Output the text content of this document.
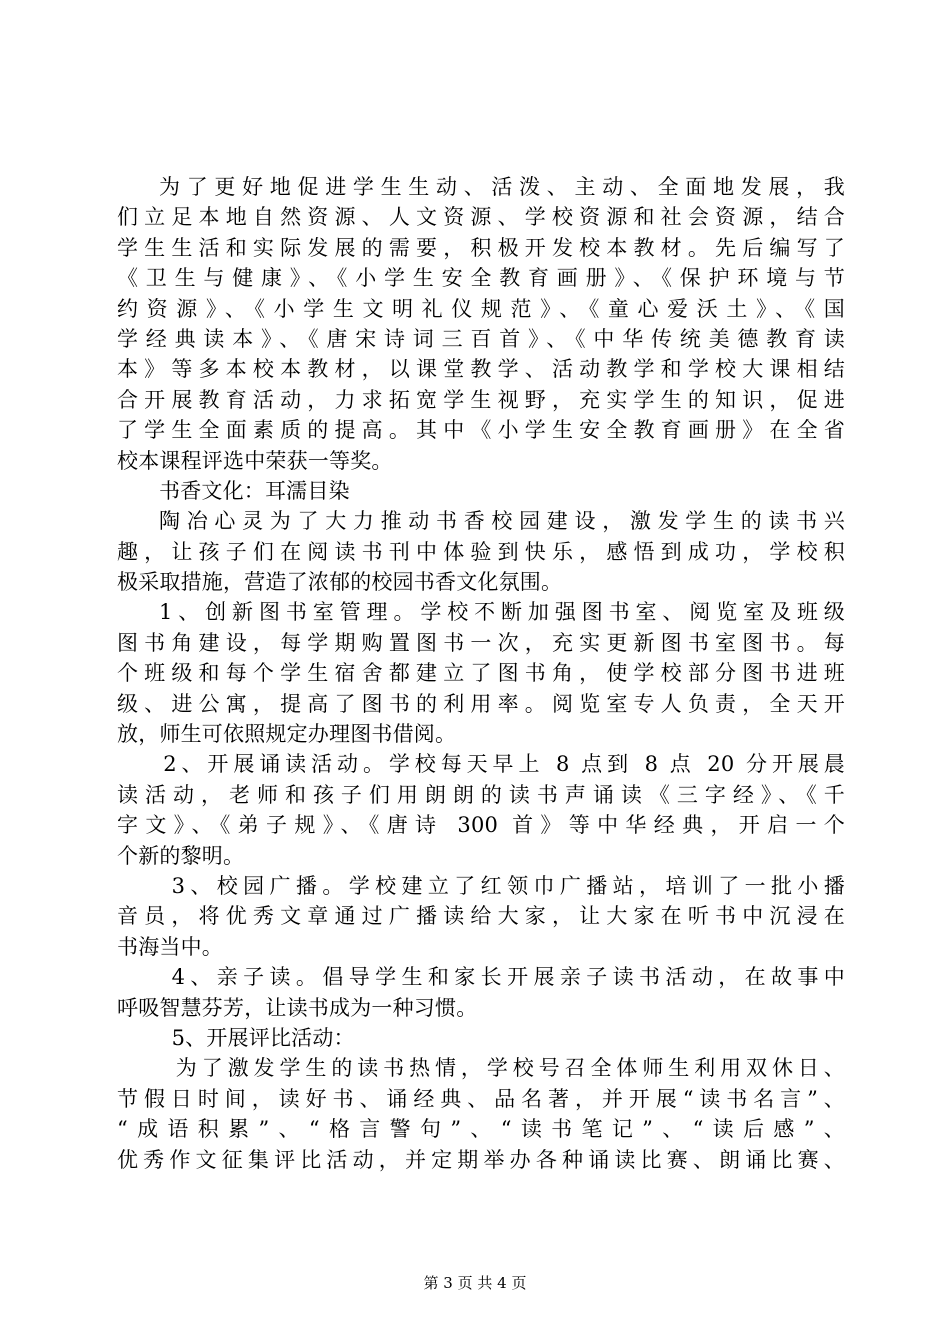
为了更好地促进学生生动、活泼、主动、全面地发展，我
们立足本地自然资源、人文资源、学校资源和社会资源，结合
学生生活和实际发展的需要，积极开发校本教材。先后编写了
《卫生与健康》、《小学生安全教育画册》、《保护环境与节
约资源》、《小学生文明礼仪规范》、《童心爱沃土》、《国
学经典读本》、《唐宋诗词三百首》、《中华传统美德教育读
本》等多本校本教材，以课堂教学、活动教学和学校大课相结
合开展教育活动，力求拓宽学生视野，充实学生的知识，促进
了学生全面素质的提高。其中《小学生安全教育画册》在全省
校本课程评选中荣获一等奖。
书香文化：耳濡目染
陶冶心灵为了大力推动书香校园建设，激发学生的读书兴
趣，让孩子们在阅读书刊中体验到快乐，感悟到成功，学校积
极采取措施，营造了浓郁的校园书香文化氛围。
1、创新图书室管理。学校不断加强图书室、阅览室及班级
图书角建设，每学期购置图书一次，充实更新图书室图书。每
个班级和每个学生宿舍都建立了图书角，使学校部分图书进班
级、进公寓，提高了图书的利用率。阅览室专人负责，全天开
放，师生可依照规定办理图书借阅。
2、开展诵读活动。学校每天早上 8 点到 8 点 20 分开展晨
读活动，老师和孩子们用朗朗的读书声诵读《三字经》、《千
字文》、《弟子规》、《唐诗 300 首》等中华经典，开启一个
个新的黎明。
3、校园广播。学校建立了红领巾广播站，培训了一批小播
音员，将优秀文章通过广播读给大家，让大家在听书中沉浸在
书海当中。
4、亲子读。倡导学生和家长开展亲子读书活动，在故事中
呼吸智慧芬芳，让读书成为一种习惯。
5、开展评比活动：
为了激发学生的读书热情，学校号召全体师生利用双休日、
节假日时间，读好书、诵经典、品名著，并开展“读书名言”、
“成语积累”、“格言警句”、“读书笔记”、“读后感”、
优秀作文征集评比活动，并定期举办各种诵读比赛、朗诵比赛、
第 3 页 共 4 页
